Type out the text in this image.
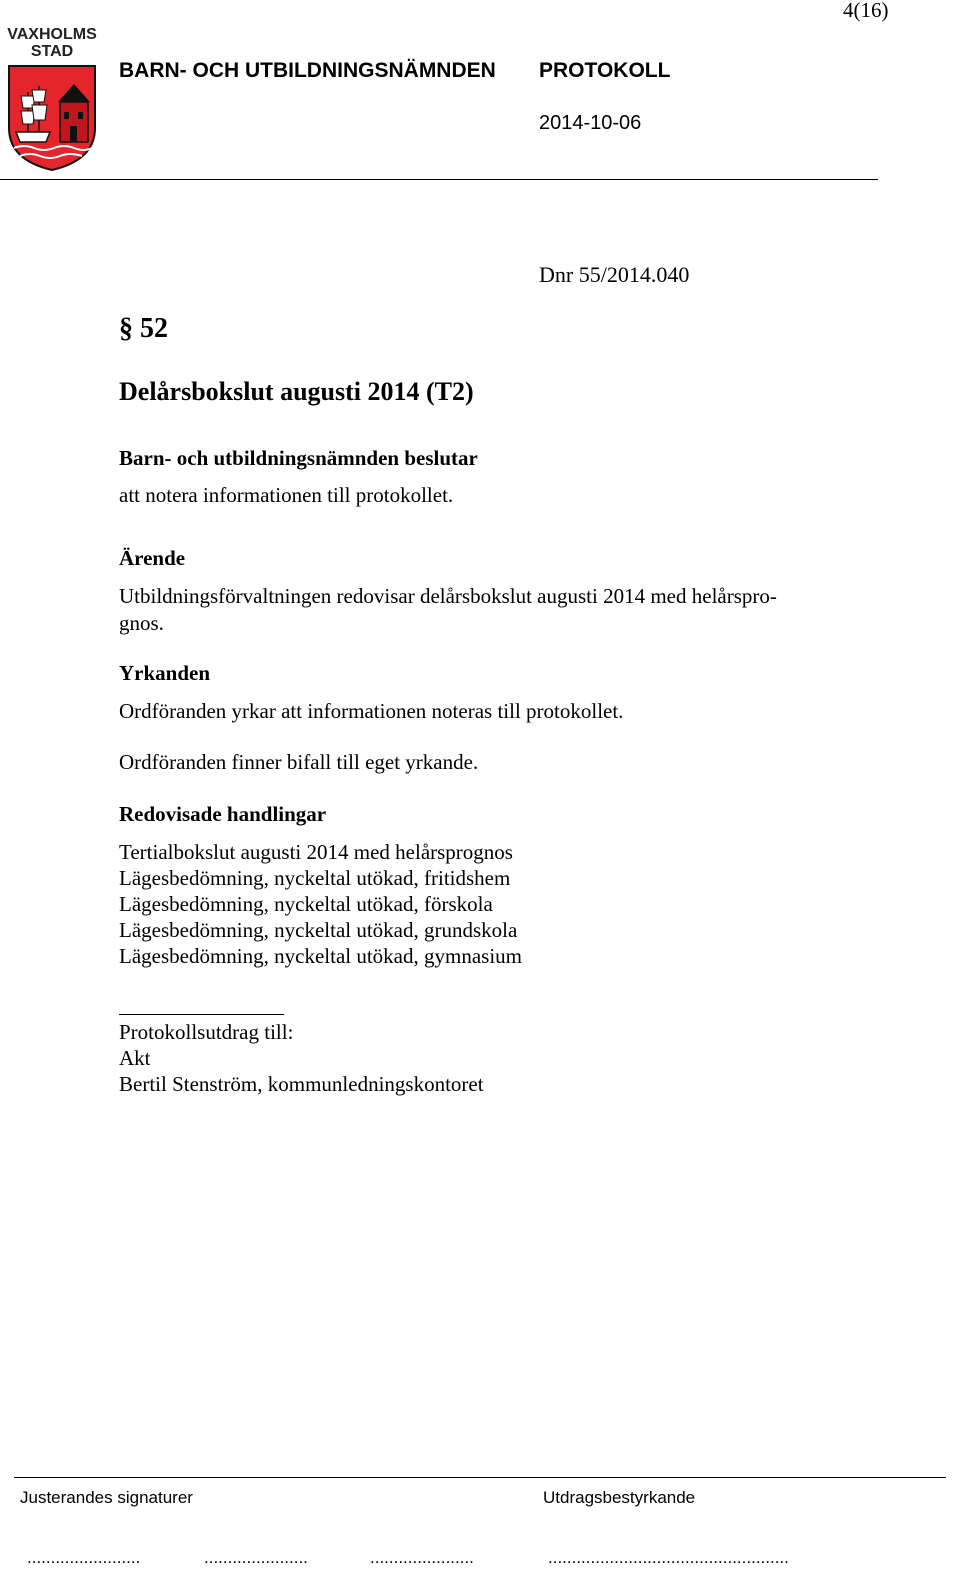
4(16)
VAXHOLMS
STAD
BARN- OCH UTBILDNINGSNÄMNDEN PROTOKOLL
2014-10-06
Dnr 55/2014.040
§ 52
Delårsbokslut augusti 2014 (T2)
Barn- och utbildningsnämnden beslutar
att notera informationen till protokollet.
Ärende
Utbildningsförvaltningen redovisar delårsbokslut augusti 2014 med helårspro-
gnos.
Yrkanden
Ordföranden yrkar att informationen noteras till protokollet.
Ordföranden finner bifall till eget yrkande.
Redovisade handlingar
Tertialbokslut augusti 2014 med helårsprognos
Lägesbedömning, nyckeltal utökad, fritidshem
Lägesbedömning, nyckeltal utökad, förskola
Lägesbedömning, nyckeltal utökad, grundskola
Lägesbedömning, nyckeltal utökad, gymnasium
Protokollsutdrag till:
Akt
Bertil Stenström, kommunledningskontoret
Justerandes signaturer	Utdragsbestyrkande
........................	......................	......................	...................................................
